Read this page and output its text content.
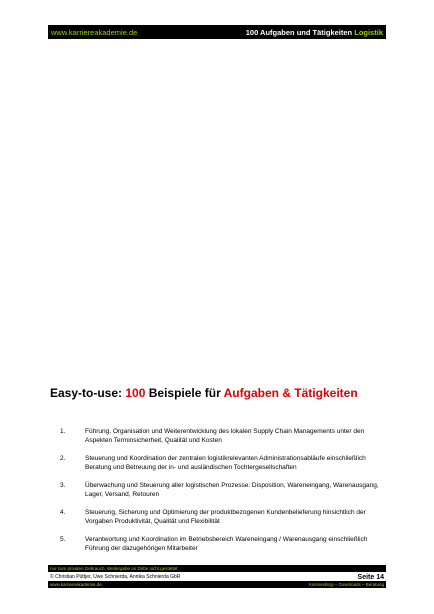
www.karriereakademie.de	100 Aufgaben und Tätigkeiten Logistik
Easy-to-use: 100 Beispiele für Aufgaben & Tätigkeiten
1.	Führung, Organisation und Weiterentwicklung des lokalen Supply Chain Managements unter den Aspekten Terminsicherheit, Qualität und Kosten
2.	Steuerung und Koordination der zentralen logistikrelevanten Administrationsabläufe einschließlich Beratung und Betreuung der in- und ausländischen Tochtergesellschaften
3.	Überwachung und Steuerung aller logistischen Prozesse: Disposition, Wareneingang, Warenausgang, Lager, Versand, Retouren
4.	Steuerung, Sicherung und Optimierung der produktbezogenen Kundenbelieferung hinsichtlich der Vorgaben Produktivität, Qualität und Flexibilität
5.	Verantwortung und Koordination im Betriebsbereich Wareneingang / Warenausgang einschließlich Führung der dazugehörigen Mitarbeiter
nur zum privaten Gebrauch, Weitergabe an Dritte nicht gestattet
© Christian Püttjer, Uwe Schnierda, Annika Schnierda GbR	Seite 14
www.karriereakademie.de	Karriereblog – Downloads – Beratung
